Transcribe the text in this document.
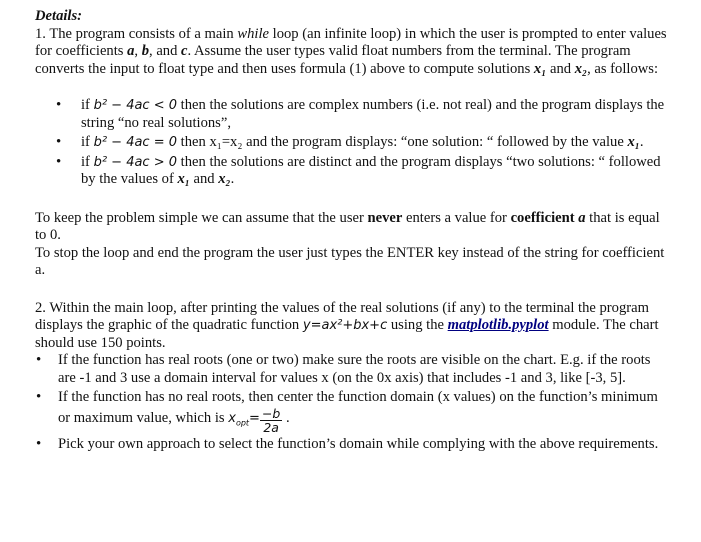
Details:

1. The program consists of a main while loop (an infinite loop) in which the user is prompted to enter values for coefficients a, b, and c. Assume the user types valid float numbers from the terminal. The program converts the input to float type and then uses formula (1) above to compute solutions x₁ and x₂, as follows:

• if b² − 4ac < 0 then the solutions are complex numbers (i.e. not real) and the program displays the string “no real solutions”,
• if b² − 4ac = 0 then x₁=x₂ and the program displays: “one solution: “ followed by the value x₁.
• if b² − 4ac > 0 then the solutions are distinct and the program displays “two solutions: “ followed by the values of x₁ and x₂.

To keep the problem simple we can assume that the user never enters a value for coefficient a that is equal to 0.

To stop the loop and end the program the user just types the ENTER key instead of the string for coefficient a.

2. Within the main loop, after printing the values of the real solutions (if any) to the terminal the program displays the graphic of the quadratic function y=ax²+bx+c using the matplotlib.pyplot module. The chart should use 150 points.

• If the function has real roots (one or two) make sure the roots are visible on the chart. E.g. if the roots are -1 and 3 use a domain interval for values x (on the 0x axis) that includes -1 and 3, like [-3, 5].
• If the function has no real roots, then center the function domain (x values) on the function’s minimum or maximum value, which is $x_{opt}= \frac{-b}{2a}$ .
• Pick your own approach to select the function’s domain while complying with the above requirements.
